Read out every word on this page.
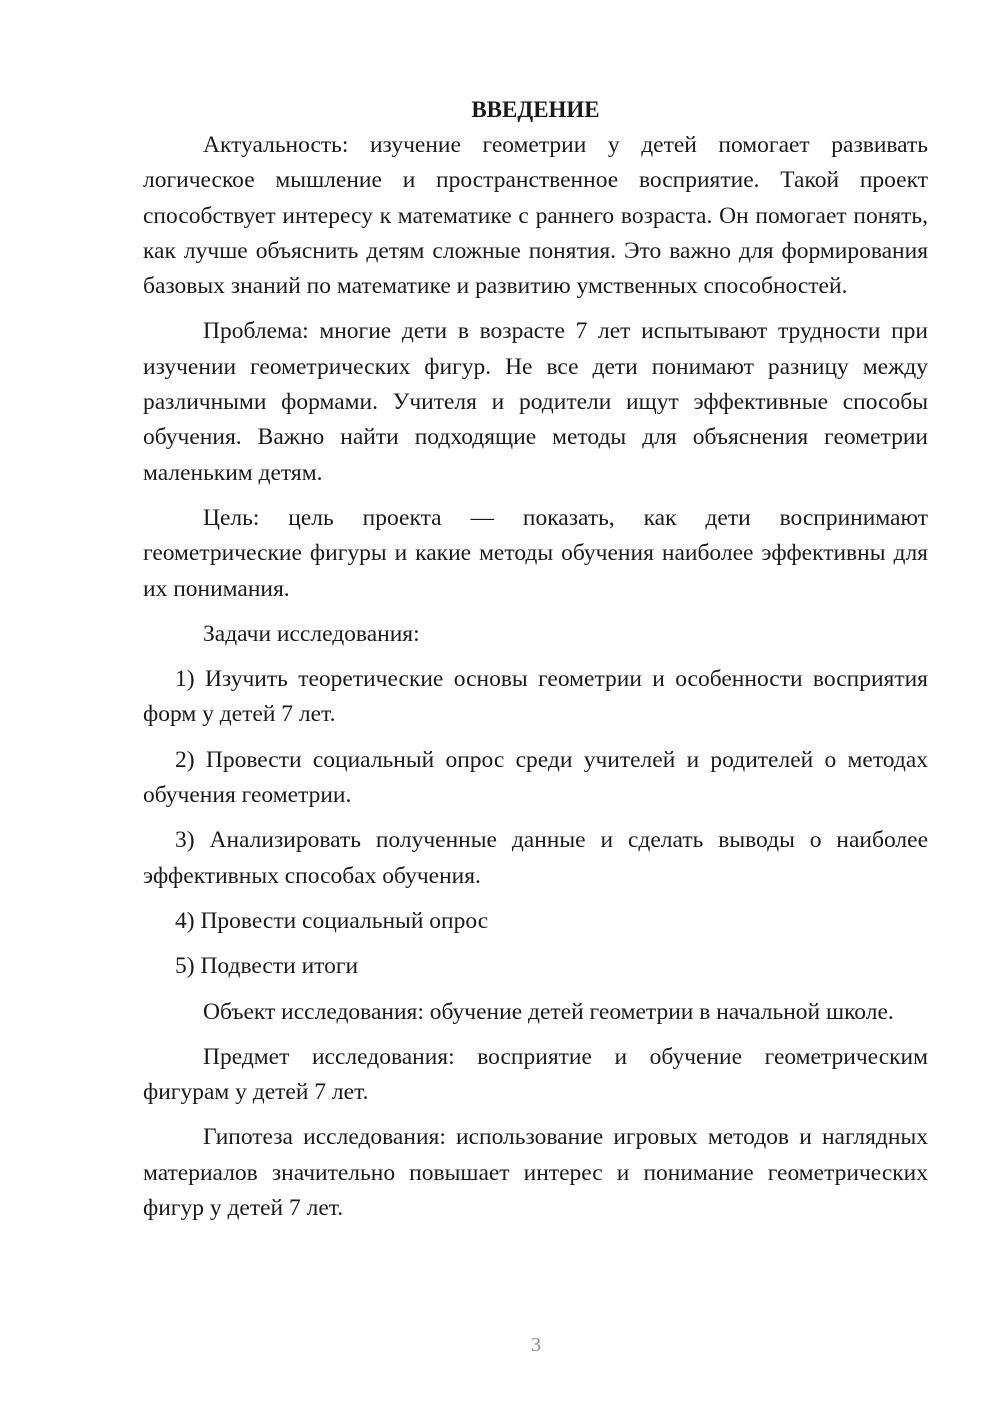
ВВЕДЕНИЕ

Актуальность: изучение геометрии у детей помогает развивать логическое мышление и пространственное восприятие. Такой проект способствует интересу к математике с раннего возраста. Он помогает понять, как лучше объяснить детям сложные понятия. Это важно для формирования базовых знаний по математике и развитию умственных способностей.

Проблема: многие дети в возрасте 7 лет испытывают трудности при изучении геометрических фигур. Не все дети понимают разницу между различными формами. Учителя и родители ищут эффективные способы обучения. Важно найти подходящие методы для объяснения геометрии маленьким детям.

Цель: цель проекта — показать, как дети воспринимают геометрические фигуры и какие методы обучения наиболее эффективны для их понимания.

Задачи исследования:

1) Изучить теоретические основы геометрии и особенности восприятия форм у детей 7 лет.

2) Провести социальный опрос среди учителей и родителей о методах обучения геометрии.

3) Анализировать полученные данные и сделать выводы о наиболее эффективных способах обучения.

4) Провести социальный опрос

5) Подвести итоги

Объект исследования: обучение детей геометрии в начальной школе.

Предмет исследования: восприятие и обучение геометрическим фигурам у детей 7 лет.

Гипотеза исследования: использование игровых методов и наглядных материалов значительно повышает интерес и понимание геометрических фигур у детей 7 лет.

3
